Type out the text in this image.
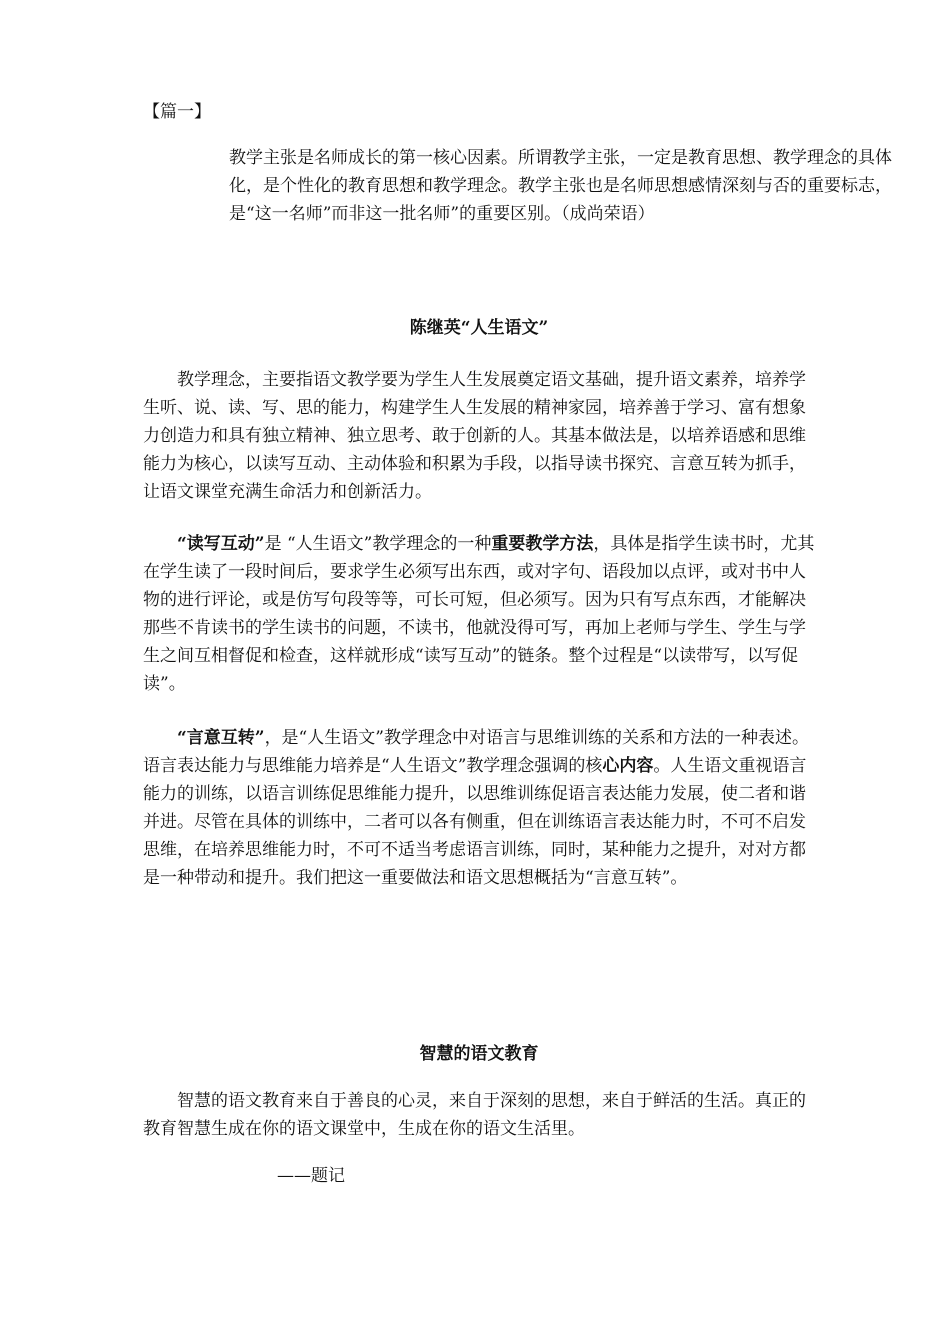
【篇一】

教学主张是名师成长的第一核心因素。所谓教学主张，一定是教育思想、教学理念的具体化，是个性化的教育思想和教学理念。教学主张也是名师思想感情深刻与否的重要标志，是“这一名师”而非这一批名师”的重要区别。（成尚荣语）

陈继英“人生语文”

教学理念，主要指语文教学要为学生人生发展奠定语文基础，提升语文素养，培养学生听、说、读、写、思的能力，构建学生人生发展的精神家园，培养善于学习、富有想象力创造力和具有独立精神、独立思考、敢于创新的人。其基本做法是，以培养语感和思维能力为核心，以读写互动、主动体验和积累为手段，以指导读书探究、言意互转为抓手，让语文课堂充满生命活力和创新活力。

“读写互动”是 “人生语文”教学理念的一种重要教学方法，具体是指学生读书时，尤其在学生读了一段时间后，要求学生必须写出东西，或对字句、语段加以点评，或对书中人物的进行评论，或是仿写句段等等，可长可短，但必须写。因为只有写点东西，才能解决那些不肯读书的学生读书的问题，不读书，他就没得可写，再加上老师与学生、学生与学生之间互相督促和检查，这样就形成“读写互动”的链条。整个过程是“以读带写，以写促读”。

“言意互转”，是“人生语文”教学理念中对语言与思维训练的关系和方法的一种表述。语言表达能力与思维能力培养是“人生语文”教学理念强调的核心内容。人生语文重视语言能力的训练，以语言训练促思维能力提升，以思维训练促语言表达能力发展，使二者和谐并进。尽管在具体的训练中，二者可以各有侧重，但在训练语言表达能力时，不可不启发思维，在培养思维能力时，不可不适当考虑语言训练，同时，某种能力之提升，对对方都是一种带动和提升。我们把这一重要做法和语文思想概括为“言意互转”。

智慧的语文教育

智慧的语文教育来自于善良的心灵，来自于深刻的思想，来自于鲜活的生活。真正的教育智慧生成在你的语文课堂中，生成在你的语文生活里。

——题记
